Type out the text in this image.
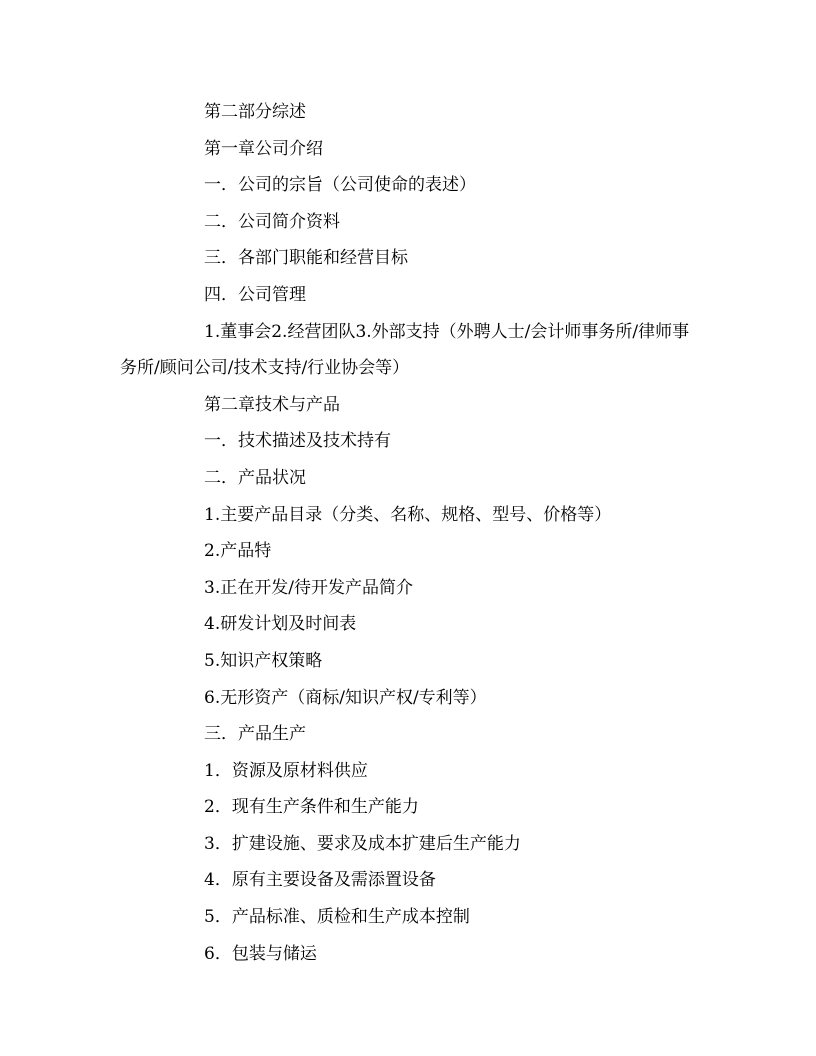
第二部分综述
第一章公司介绍
一．公司的宗旨（公司使命的表述）
二．公司简介资料
三．各部门职能和经营目标
四．公司管理
1.董事会2.经营团队3.外部支持（外聘人士/会计师事务所/律师事务所/顾问公司/技术支持/行业协会等）
第二章技术与产品
一．技术描述及技术持有
二．产品状况
1.主要产品目录（分类、名称、规格、型号、价格等）
2.产品特
3.正在开发/待开发产品简介
4.研发计划及时间表
5.知识产权策略
6.无形资产（商标/知识产权/专利等）
三．产品生产
1．资源及原材料供应
2．现有生产条件和生产能力
3．扩建设施、要求及成本扩建后生产能力
4．原有主要设备及需添置设备
5．产品标准、质检和生产成本控制
6．包装与储运
